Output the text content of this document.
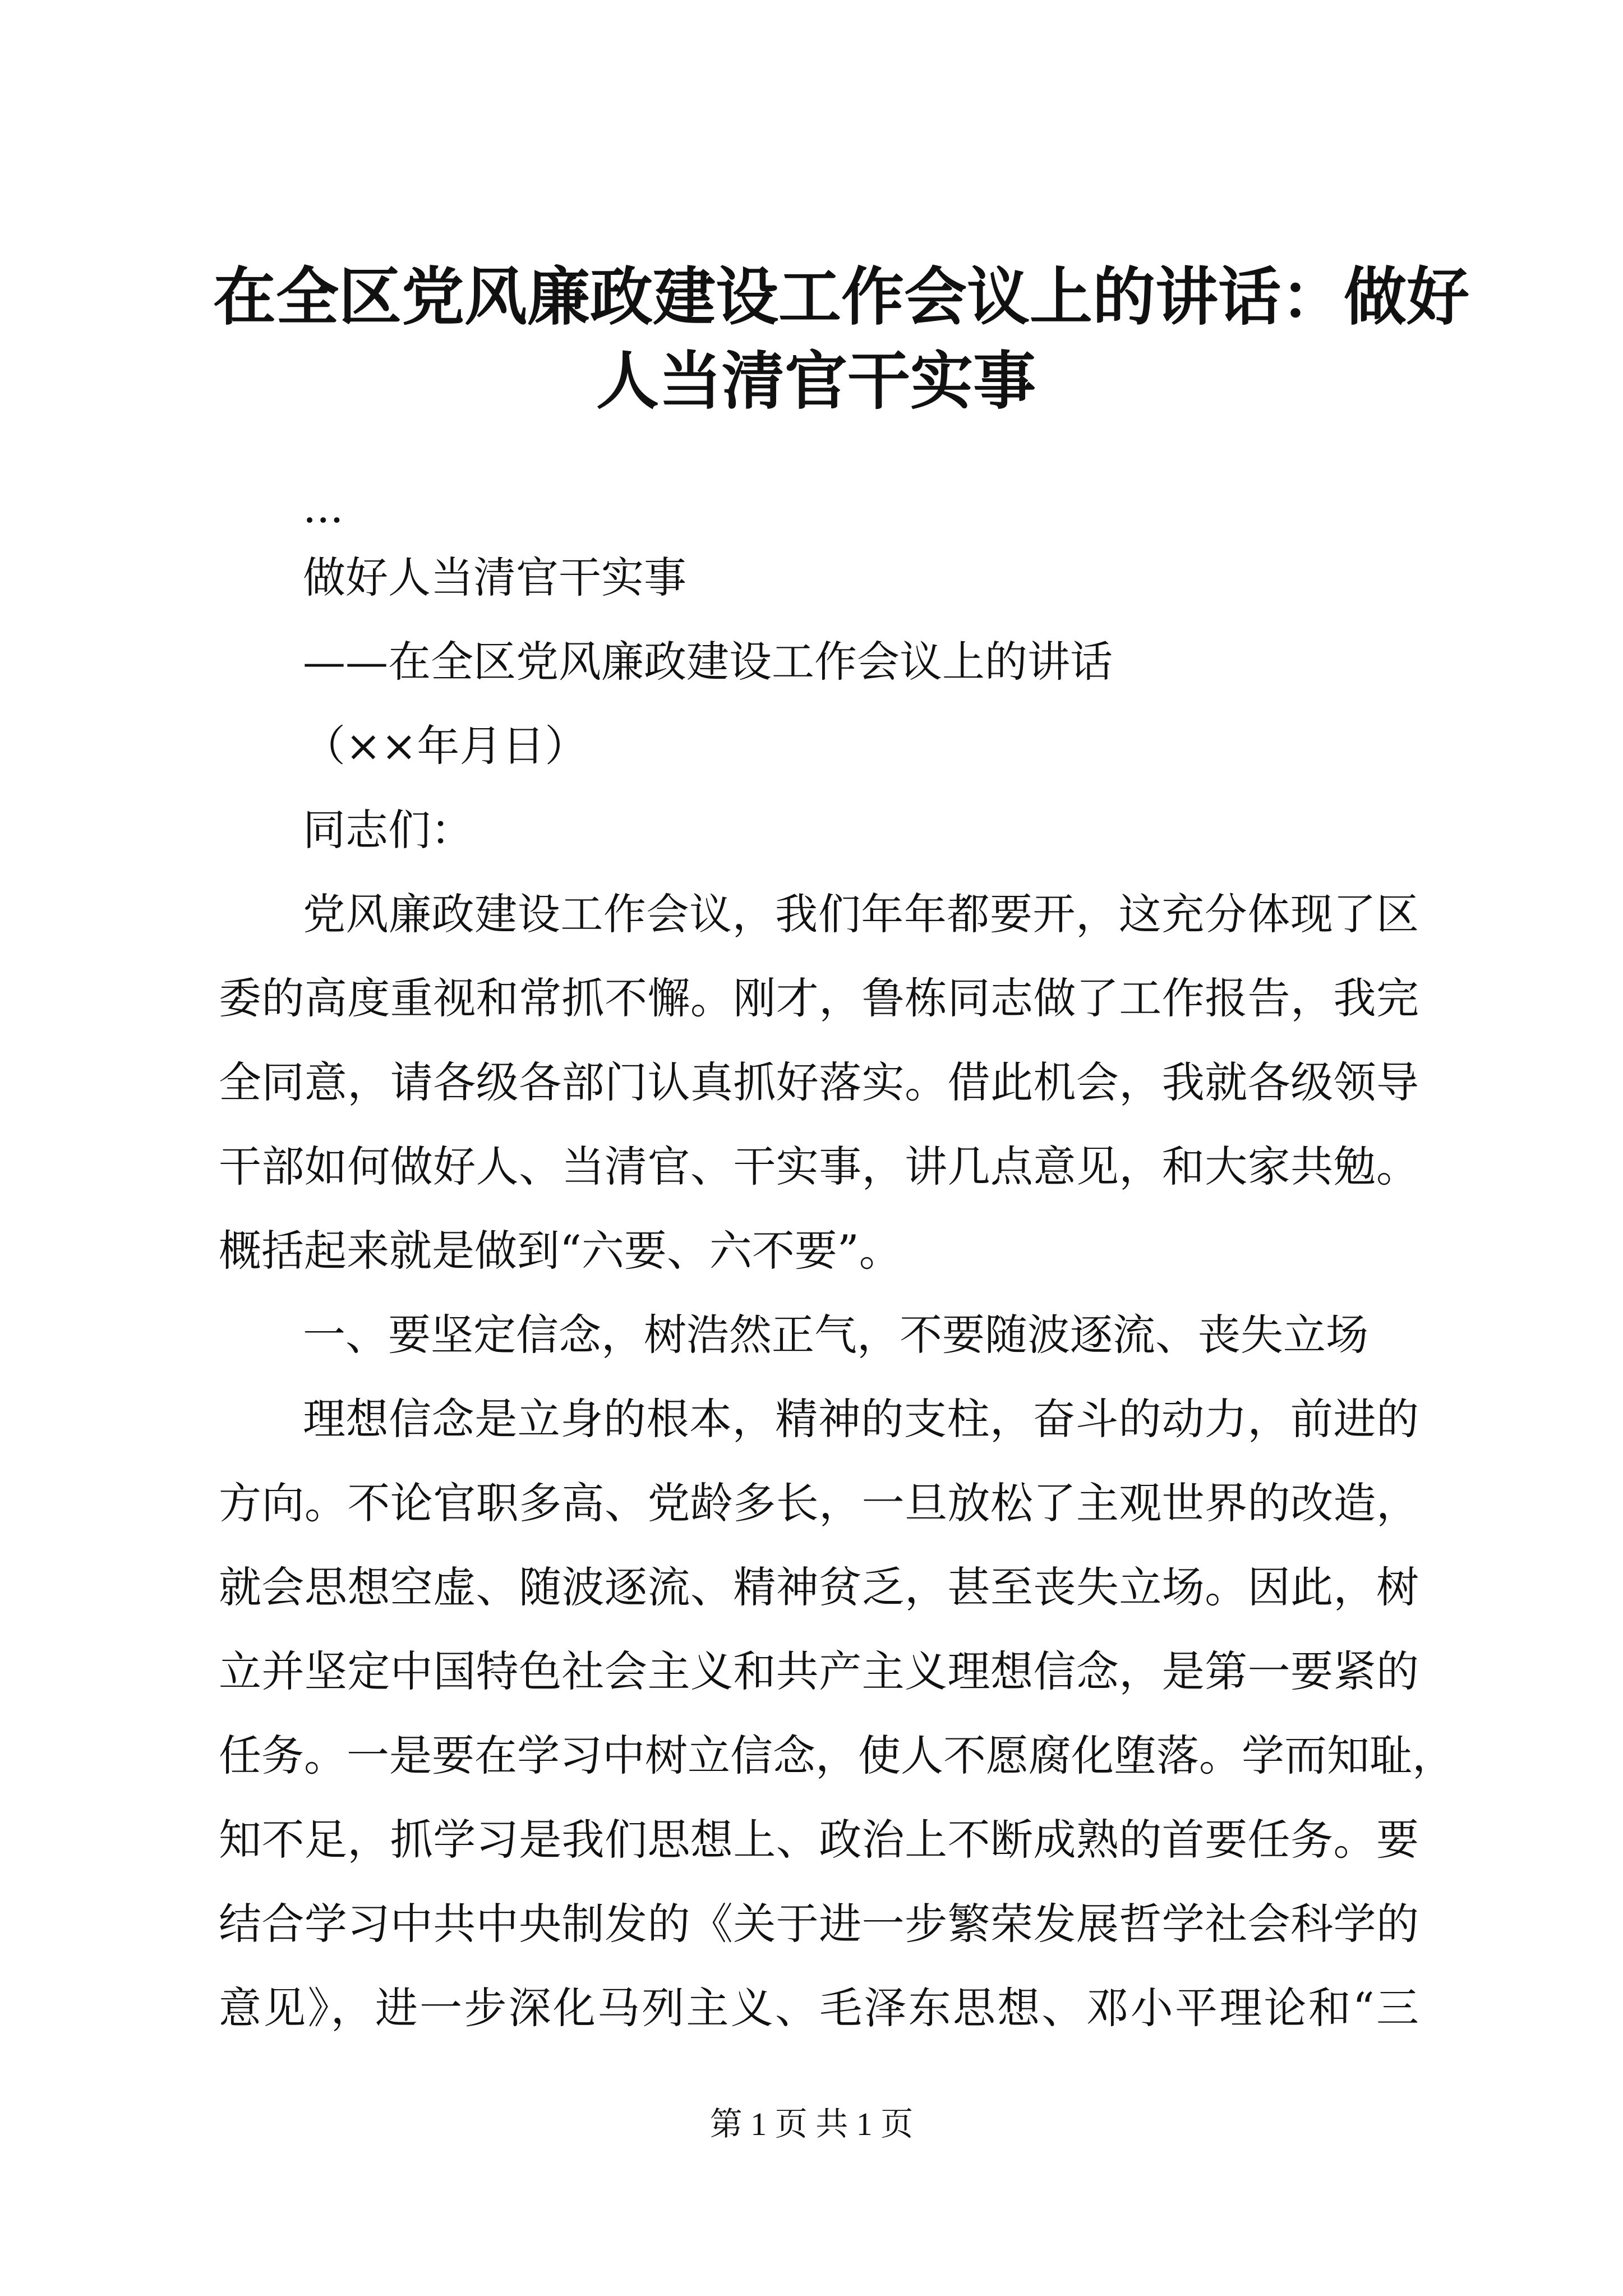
在全区党风廉政建设工作会议上的讲话：做好
人当清官干实事
...
做好人当清官干实事
——在全区党风廉政建设工作会议上的讲话
（××年月日）
同志们：
党风廉政建设工作会议，我们年年都要开，这充分体现了区
委的高度重视和常抓不懈。刚才，鲁栋同志做了工作报告，我完
全同意，请各级各部门认真抓好落实。借此机会，我就各级领导
干部如何做好人、当清官、干实事，讲几点意见，和大家共勉。
概括起来就是做到“六要、六不要”。
一、要坚定信念，树浩然正气，不要随波逐流、丧失立场
理想信念是立身的根本，精神的支柱，奋斗的动力，前进的
方向。不论官职多高、党龄多长，一旦放松了主观世界的改造，
就会思想空虚、随波逐流、精神贫乏，甚至丧失立场。因此，树
立并坚定中国特色社会主义和共产主义理想信念，是第一要紧的
任务。一是要在学习中树立信念，使人不愿腐化堕落。学而知耻，
知不足，抓学习是我们思想上、政治上不断成熟的首要任务。要
结合学习中共中央制发的《关于进一步繁荣发展哲学社会科学的
意见》，进一步深化马列主义、毛泽东思想、邓小平理论和“三
第 1 页 共 1 页
